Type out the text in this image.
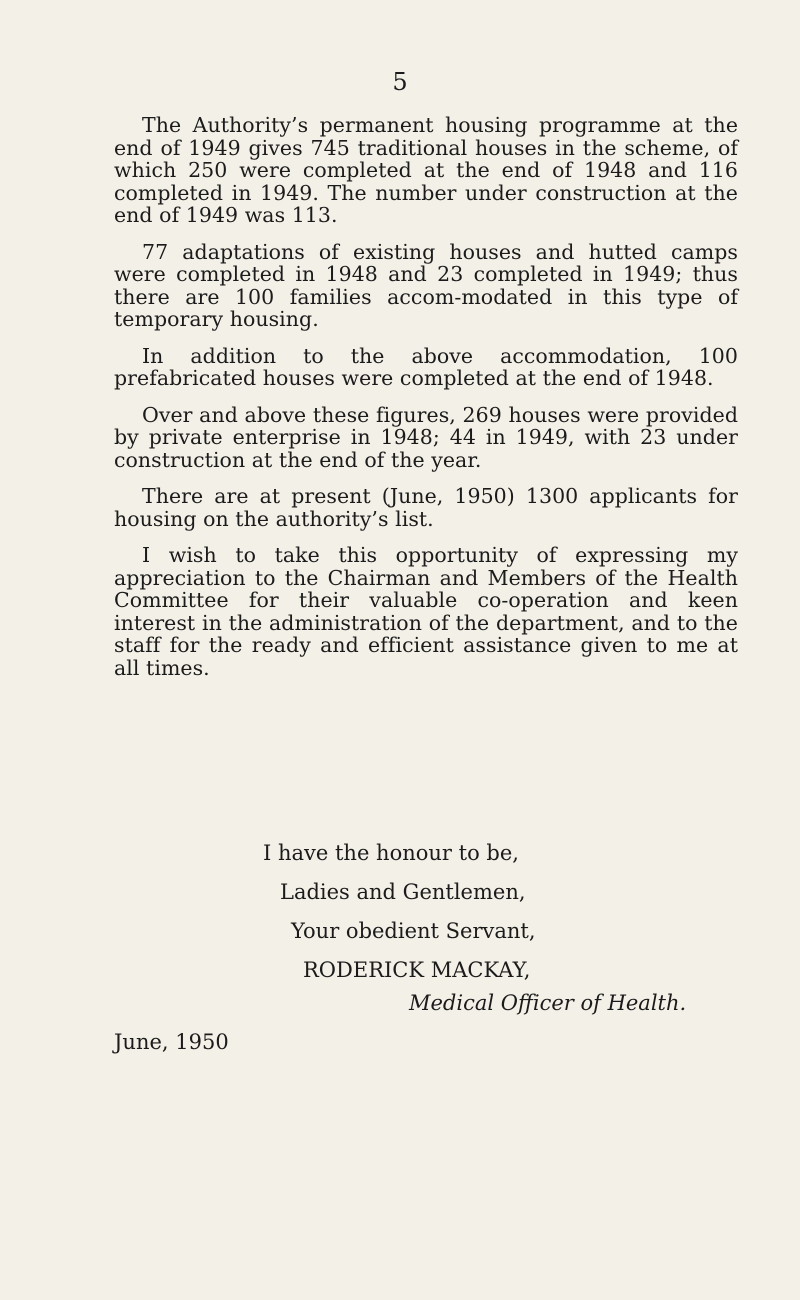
5

The Authority’s permanent housing programme at the end of 1949 gives 745 traditional houses in the scheme, of which 250 were completed at the end of 1948 and 116 completed in 1949. The number under construction at the end of 1949 was 113.

77 adaptations of existing houses and hutted camps were completed in 1948 and 23 completed in 1949; thus there are 100 families accom-modated in this type of temporary housing.

In addition to the above accommodation, 100 prefabricated houses were completed at the end of 1948.

Over and above these figures, 269 houses were provided by private enterprise in 1948; 44 in 1949, with 23 under construction at the end of the year.

There are at present (June, 1950) 1300 applicants for housing on the authority’s list.

I wish to take this opportunity of expressing my appreciation to the Chairman and Members of the Health Committee for their valuable co-operation and keen interest in the administration of the department, and to the staff for the ready and efficient assistance given to me at all times.

I have the honour to be,
Ladies and Gentlemen,
Your obedient Servant,
RODERICK MACKAY,
Medical Officer of Health.

June, 1950
